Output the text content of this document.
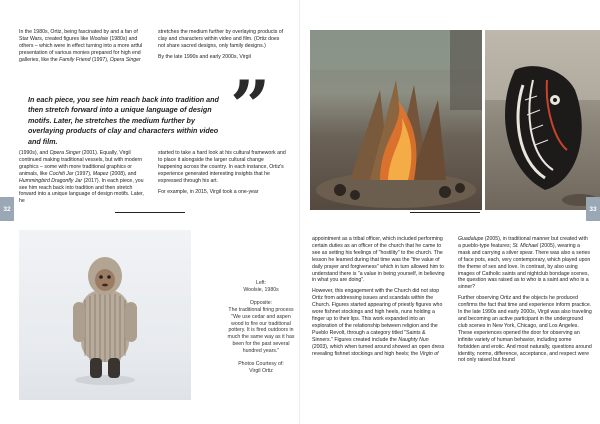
In the 1980s, Ortiz, being fascinated by and a fan of Star Wars, created figures like Woolsie (1980s) and others – which were in effect turning into a more artful presentation of various monies prepared for high end galleries, like the Family Friend (1997), Opera Singer

stretches the medium further by overlaying products of clay and characters within video and film. (Ortiz does not share sacred designs, only family designs.)

By the late 1990s and early 2000s, Virgil

In each piece, you see him reach back into tradition and then stretch forward into a unique language of design motifs. Later, he stretches the medium further by overlaying products of clay and characters within video and film.	”

(1990s), and Opera Singer (2001). Equally, Virgil continued making traditional vessels, but with modern graphics – some with more traditional graphics or animals, like Cochiti Jar (1997), Mapez (2008), and Hummingbird Dragonfly Jar (2017). In each piece, you see him reach back into tradition and then stretch forward into a unique language of design motifs. Later, he

started to take a hard look at his cultural framework and to place it alongside the larger cultural change happening across the country. In each instance, Ortiz's experience generated interesting insights that he expressed through his art.

For example, in 2015, Virgil took a one-year

32

Left:
Woolsie, 1980s

Opposite:
The traditional firing process "We use cedar and aspen wood to fire our traditional pottery. It is fired outdoors in much the same way as it has been for the past several hundred years."

Photos Courtesy of:
Virgil Ortiz

appointment as a tribal officer, which included performing certain duties as an officer of the church that he came to see as setting his feelings of "hostility" to the church. The lesson he learned during that time was the "the value of daily prayer and forgiveness" which in turn allowed him to understand there is "a value in being yourself, in believing in what you are doing".

However, this engagement with the Church did not stop Ortiz from addressing issues and scandals within the Church. Figures started appearing of priestly figures who wore fishnet stockings and high heels, nuns holding a finger up to their lips. This work expanded into an exploration of the relationship between religion and the Pueblo Revolt, through a category titled "Saints & Sinners." Figures created include the Naughty Nun (2003), which when turned around showed an open dress revealing fishnet stockings and high heels; the Virgin of

Guadalupe (2005), in traditional manner but created with a pueblo-type features; St. Michael (2005), wearing a mask and carrying a silver spear. There was also a series of face pots, each, very contemporary, which played upon the theme of sex and love. In contrast, by also using images of Catholic saints and nightclub bondage scenes, the question was raised as to who is a saint and who is a sinner?

Further observing Ortiz and the objects he produced confirms the fact that time and experience inform practice. In the late 1990s and early 2000s, Virgil was also traveling and becoming an active participant in the underground club scenes in New York, Chicago, and Los Angeles. These experiences opened the door for observing an infinite variety of human behavior, including some forbidden and erotic. And most naturally, questions around identity, norms, difference, acceptance, and respect were not only raised but found

33
